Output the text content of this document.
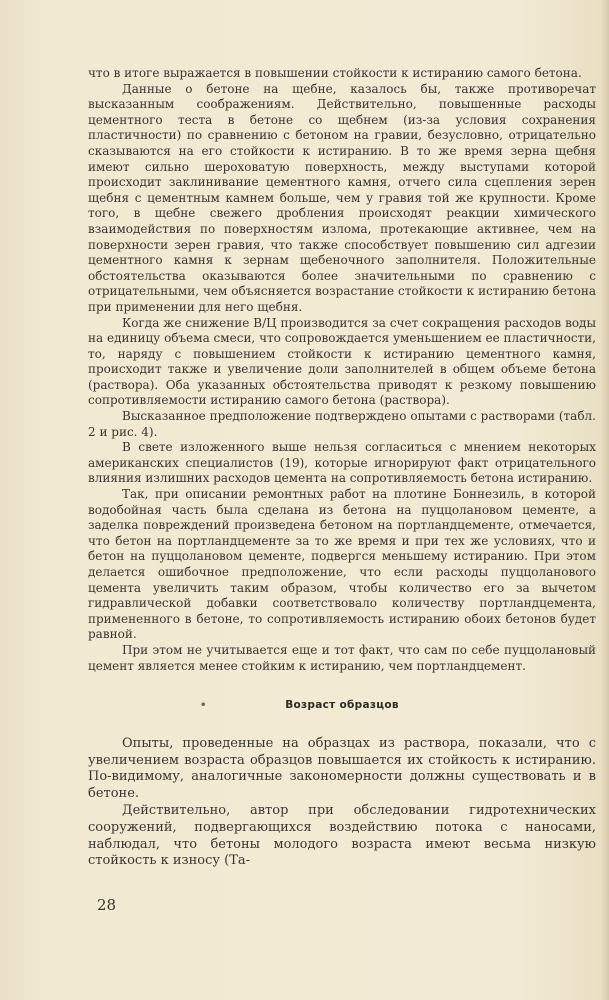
что в итоге выражается в повышении стойкости к истиранию самого бетона.

Данные о бетоне на щебне, казалось бы, также противоречат высказанным соображениям. Действительно, повышенные расходы цементного теста в бетоне со щебнем (из-за условия сохранения пластичности) по сравнению с бетоном на гравии, безусловно, отрицательно сказываются на его стойкости к истиранию. В то же время зерна щебня имеют сильно шероховатую поверхность, между выступами которой происходит заклинивание цементного камня, отчего сила сцепления зерен щебня с цементным камнем больше, чем у гравия той же крупности. Кроме того, в щебне свежего дробления происходят реакции химического взаимодействия по поверхностям излома, протекающие активнее, чем на поверхности зерен гравия, что также способствует повышению сил адгезии цементного камня к зернам щебеночного заполнителя. Положительные обстоятельства оказываются более значительными по сравнению с отрицательными, чем объясняется возрастание стойкости к истиранию бетона при применении для него щебня.

Когда же снижение В/Ц производится за счет сокращения расходов воды на единицу объема смеси, что сопровождается уменьшением ее пластичности, то, наряду с повышением стойкости к истиранию цементного камня, происходит также и увеличение доли заполнителей в общем объеме бетона (раствора). Оба указанных обстоятельства приводят к резкому повышению сопротивляемости истиранию самого бетона (раствора).

Высказанное предположение подтверждено опытами с растворами (табл. 2 и рис. 4).

В свете изложенного выше нельзя согласиться с мнением некоторых американских специалистов (19), которые игнорируют факт отрицательного влияния излишних расходов цемента на сопротивляемость бетона истиранию.

Так, при описании ремонтных работ на плотине Боннезиль, в которой водобойная часть была сделана из бетона на пуццолановом цементе, а заделка повреждений произведена бетоном на портландцементе, отмечается, что бетон на портландцементе за то же время и при тех же условиях, что и бетон на пуццолановом цементе, подвергся меньшему истиранию. При этом делается ошибочное предположение, что если расходы пуццоланового цемента увеличить таким образом, чтобы количество его за вычетом гидравлической добавки соответствовало количеству портландцемента, примененного в бетоне, то сопротивляемость истиранию обоих бетонов будет равной.

При этом не учитывается еще и тот факт, что сам по себе пуццолановый цемент является менее стойким к истиранию, чем портландцемент.

•	Возраст образцов

Опыты, проведенные на образцах из раствора, показали, что с увеличением возраста образцов повышается их стойкость к истиранию. По-видимому, аналогичные закономерности должны существовать и в бетоне.

Действительно, автор при обследовании гидротехнических сооружений, подвергающихся воздействию потока с наносами, наблюдал, что бетоны молодого возраста имеют весьма низкую стойкость к износу (Та-

28
